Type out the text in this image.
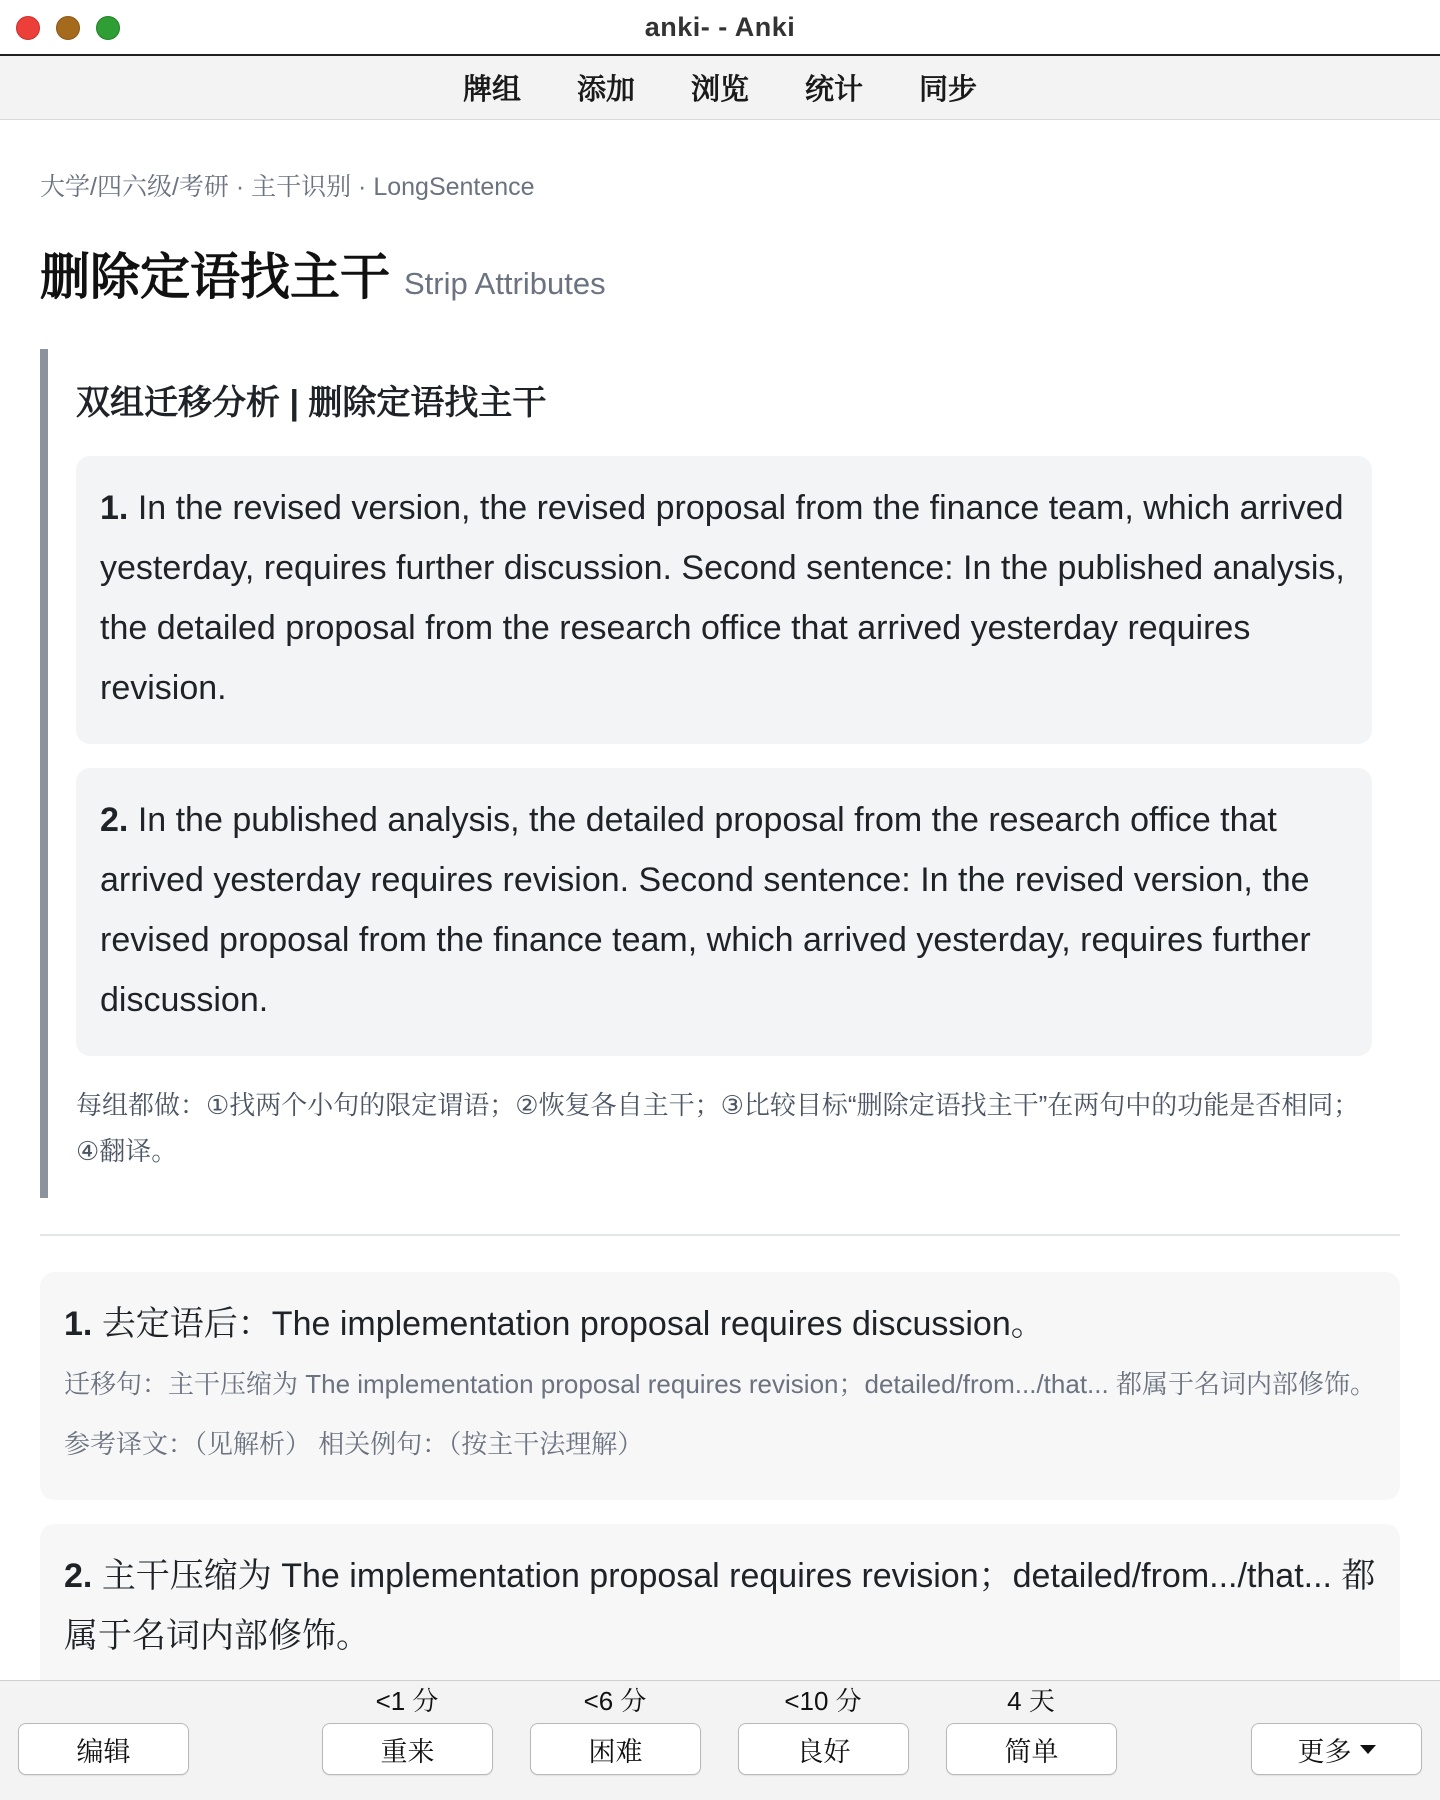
anki- - Anki
牌组 添加 浏览 统计 同步
大学/四六级/考研 · 主干识别 · LongSentence
删除定语找主干 Strip Attributes
双组迁移分析 | 删除定语找主干
1. In the revised version, the revised proposal from the finance team, which arrived yesterday, requires further discussion. Second sentence: In the published analysis, the detailed proposal from the research office that arrived yesterday requires revision.
2. In the published analysis, the detailed proposal from the research office that arrived yesterday requires revision. Second sentence: In the revised version, the revised proposal from the finance team, which arrived yesterday, requires further discussion.
每组都做：①找两个小句的限定谓语；②恢复各自主干；③比较目标“删除定语找主干”在两句中的功能是否相同；④翻译。
1. 去定语后：The implementation proposal requires discussion。
迁移句：主干压缩为 The implementation proposal requires revision；detailed/from.../that... 都属于名词内部修饰。
参考译文：（见解析） 相关例句：（按主干法理解）
2. 主干压缩为 The implementation proposal requires revision；detailed/from.../that... 都属于名词内部修饰。
编辑
<1 分
重来
<6 分
困难
<10 分
良好
4 天
简单	更多
